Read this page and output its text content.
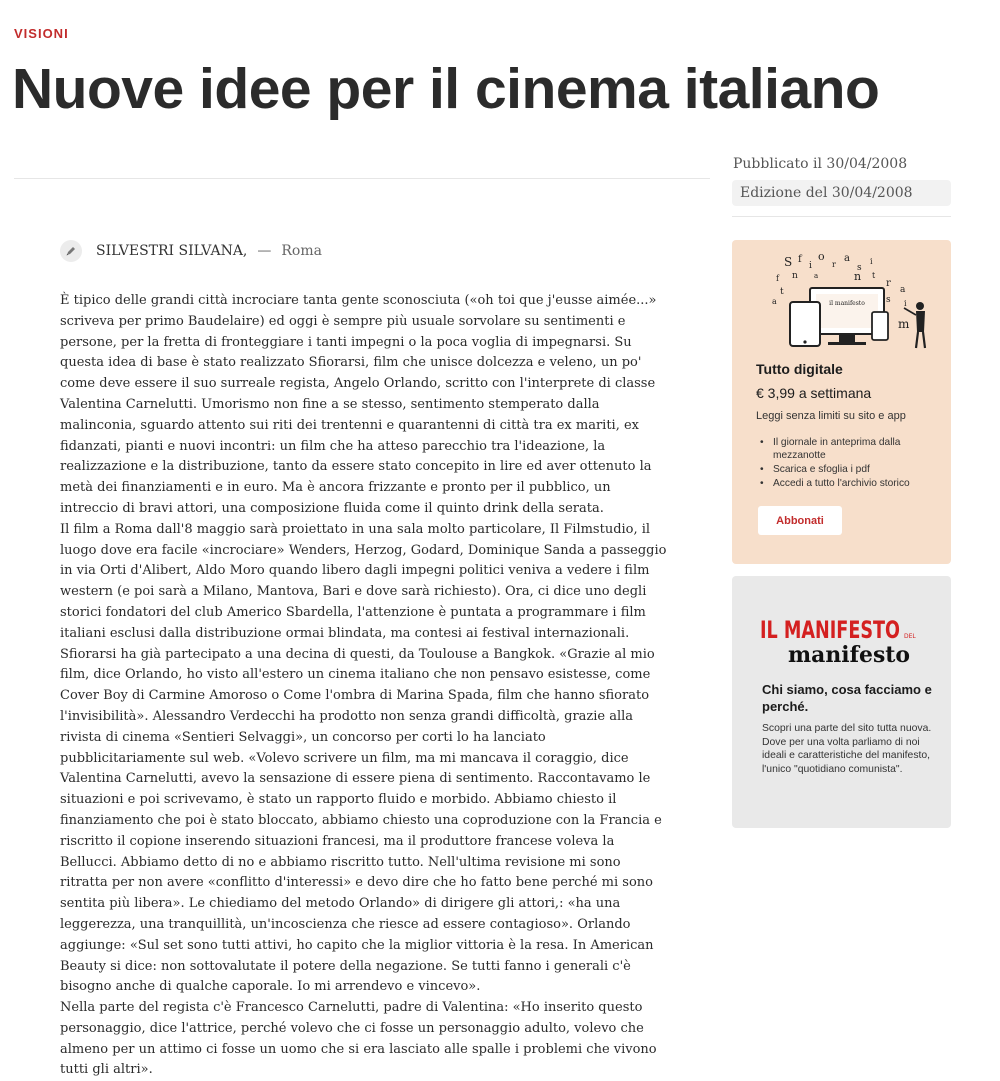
VISIONI
Nuove idee per il cinema italiano
Pubblicato il 30/04/2008
Edizione del 30/04/2008
SILVESTRI SILVANA, — Roma

È tipico delle grandi città incrociare tanta gente sconosciuta («oh toi que j'eusse aimée...» scriveva per primo Baudelaire) ed oggi è sempre più usuale sorvolare su sentimenti e persone, per la fretta di fronteggiare i tanti impegni o la poca voglia di impegnarsi. Su questa idea di base è stato realizzato Sfiorarsi, film che unisce dolcezza e veleno, un po' come deve essere il suo surreale regista, Angelo Orlando, scritto con l'interprete di classe Valentina Carnelutti. Umorismo non fine a se stesso, sentimento stemperato dalla malinconia, sguardo attento sui riti dei trentenni e quarantenni di città tra ex mariti, ex fidanzati, pianti e nuovi incontri: un film che ha atteso parecchio tra l'ideazione, la realizzazione e la distribuzione, tanto da essere stato concepito in lire ed aver ottenuto la metà dei finanziamenti e in euro. Ma è ancora frizzante e pronto per il pubblico, un intreccio di bravi attori, una composizione fluida come il quinto drink della serata.

Il film a Roma dall'8 maggio sarà proiettato in una sala molto particolare, Il Filmstudio, il luogo dove era facile «incrociare» Wenders, Herzog, Godard, Dominique Sanda a passeggio in via Orti d'Alibert, Aldo Moro quando libero dagli impegni politici veniva a vedere i film western (e poi sarà a Milano, Mantova, Bari e dove sarà richiesto). Ora, ci dice uno degli storici fondatori del club Americo Sbardella, l'attenzione è puntata a programmare i film italiani esclusi dalla distribuzione ormai blindata, ma contesi ai festival internazionali. Sfiorarsi ha già partecipato a una decina di questi, da Toulouse a Bangkok. «Grazie al mio film, dice Orlando, ho visto all'estero un cinema italiano che non pensavo esistesse, come Cover Boy di Carmine Amoroso o Come l'ombra di Marina Spada, film che hanno sfiorato l'invisibilità». Alessandro Verdecchi ha prodotto non senza grandi difficoltà, grazie alla rivista di cinema «Sentieri Selvaggi», un concorso per corti lo ha lanciato pubblicitariamente sul web. «Volevo scrivere un film, ma mi mancava il coraggio, dice Valentina Carnelutti, avevo la sensazione di essere piena di sentimento. Raccontavamo le situazioni e poi scrivevamo, è stato un rapporto fluido e morbido. Abbiamo chiesto il finanziamento che poi è stato bloccato, abbiamo chiesto una coproduzione con la Francia e riscritto il copione inserendo situazioni francesi, ma il produttore francese voleva la Bellucci. Abbiamo detto di no e abbiamo riscritto tutto. Nell'ultima revisione mi sono ritratta per non avere «conflitto d'interessi» e devo dire che ho fatto bene perché mi sono sentita più libera». Le chiediamo del metodo Orlando» di dirigere gli attori,: «ha una leggerezza, una tranquillità, un'incoscienza che riesce ad essere contagioso». Orlando aggiunge: «Sul set sono tutti attivi, ho capito che la miglior vittoria è la resa. In American Beauty si dice: non sottovalutate il potere della negazione. Se tutti fanno i generali c'è bisogno anche di qualche caporale. Io mi arrendevo e vincevo».

Nella parte del regista c'è Francesco Carnelutti, padre di Valentina: «Ho inserito questo personaggio, dice l'attrice, perché volevo che ci fosse un personaggio adulto, volevo che almeno per un attimo ci fosse un uomo che si era lasciato alle spalle i problemi che vivono tutti gli altri».

S f
i
o
r
a
s
i
f n	n t
r
a
t
a	s i
a
m
il manifesto
Tutto digitale
€ 3,99 a settimana
Leggi senza limiti su sito e app
• Il giornale in anteprima dalla mezzanotte
• Scarica e sfoglia i pdf
• Accedi a tutto l'archivio storico
Abbonati
IL MANIFESTO DEL
manifesto
Chi siamo, cosa facciamo e perché.
Scopri una parte del sito tutta nuova. Dove per una volta parliamo di noi ideali e caratteristiche del manifesto, l'unico "quotidiano comunista".
